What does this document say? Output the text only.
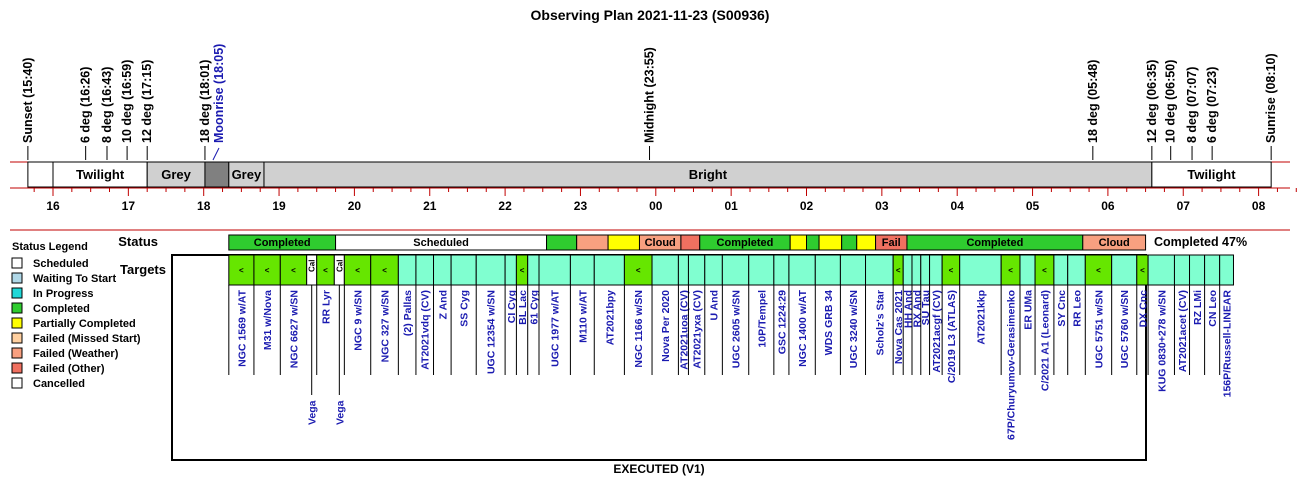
Observing Plan 2021-11-23 (S00936)
Sunset (15:40)	6 deg (16:26) 8 deg (16:43) 10 deg (16:59) 12 deg (17:15)	18 deg (18:01) Moonrise (18:05)	Midnight (23:55)	18 deg (05:48)	12 deg (06:35) 10 deg (06:50) 8 deg (07:07) 6 deg (07:23)	Sunrise (08:10)
Twilight	Grey	Grey	Bright	Twilight
16	17	18	19	20	21	22	23	00	01	02	03	04	05	06	07	08
Status Legend
Scheduled
Waiting To Start
In Progress
Completed
Partially Completed
Failed (Missed Start)
Failed (Weather)
Failed (Other)
Cancelled
Status
Targets
Completed	Scheduled	Cloud	Completed	Fail	Completed	Cloud Completed 47%
EXECUTED (V1)
<
NGC 1569 w/AT
<
M31 w/Nova
<
NGC 6627 w/SN
Cal
Vega
<
RR Lyr
Cal
Vega
<
NGC 9 w/SN
<
NGC 327 w/SN (2) Pallas AT2021vdq (CV) Z And SS Cyg UGC 12354 w/SN CI Cyg
<
BL Lac 61 Cyg UGC 1977 w/AT M110 w/AT AT2021bpy
<
NGC 1166 w/SN Nova Per 2020 AT2021uoa (CV) AT2021yxa (CV) U And UGC 2605 w/SN 10P/Tempel GSC 1224:29 NGC 1400 w/AT WDS GRB 34 UGC 3240 w/SN Scholz's Star
<
Nova Cas 2021
HH And
RX And
SU Tau
AT2021acgf (CV)
<
C/2019 L3 (ATLAS) AT2021kkp
<
67P/Churyumov-Gerasimenko ER UMa
<
C/2021 A1 (Leonard) SY Cnc RR Leo
<
UGC 5751 w/SN UGC 5760 w/SN
<
DX Cnc KUG 0830+278 w/SN AT2021acet (CV) RZ LMi CN Leo 156P/Russell-LINEAR
